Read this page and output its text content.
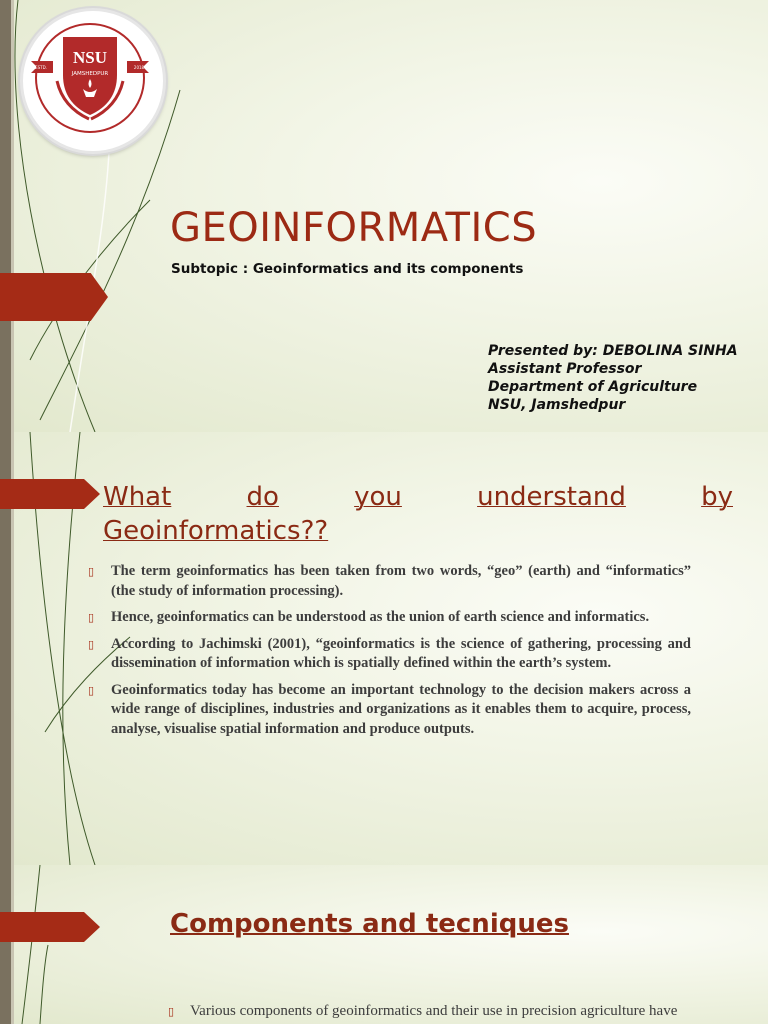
NSU
JAMSHEDPUR
ESTD.	2018
GEOINFORMATICS
Subtopic : Geoinformatics and its components
Presented by: DEBOLINA SINHA
Assistant Professor
Department of Agriculture
NSU, Jamshedpur
What	do	you	understand	by
Geoinformatics??
▯ The term geoinformatics has been taken from two words, “geo” (earth) and “informatics” (the study of information processing).
▯ Hence, geoinformatics can be understood as the union of earth science and informatics.
▯ According to Jachimski (2001), “geoinformatics is the science of gathering, processing and dissemination of information which is spatially defined within the earth’s system.
▯ Geoinformatics today has become an important technology to the decision makers across a wide range of disciplines, industries and organizations as it enables them to acquire, process, analyse, visualise spatial information and produce outputs.
Components and tecniques
▯ Various components of geoinformatics and their use in precision agriculture have
